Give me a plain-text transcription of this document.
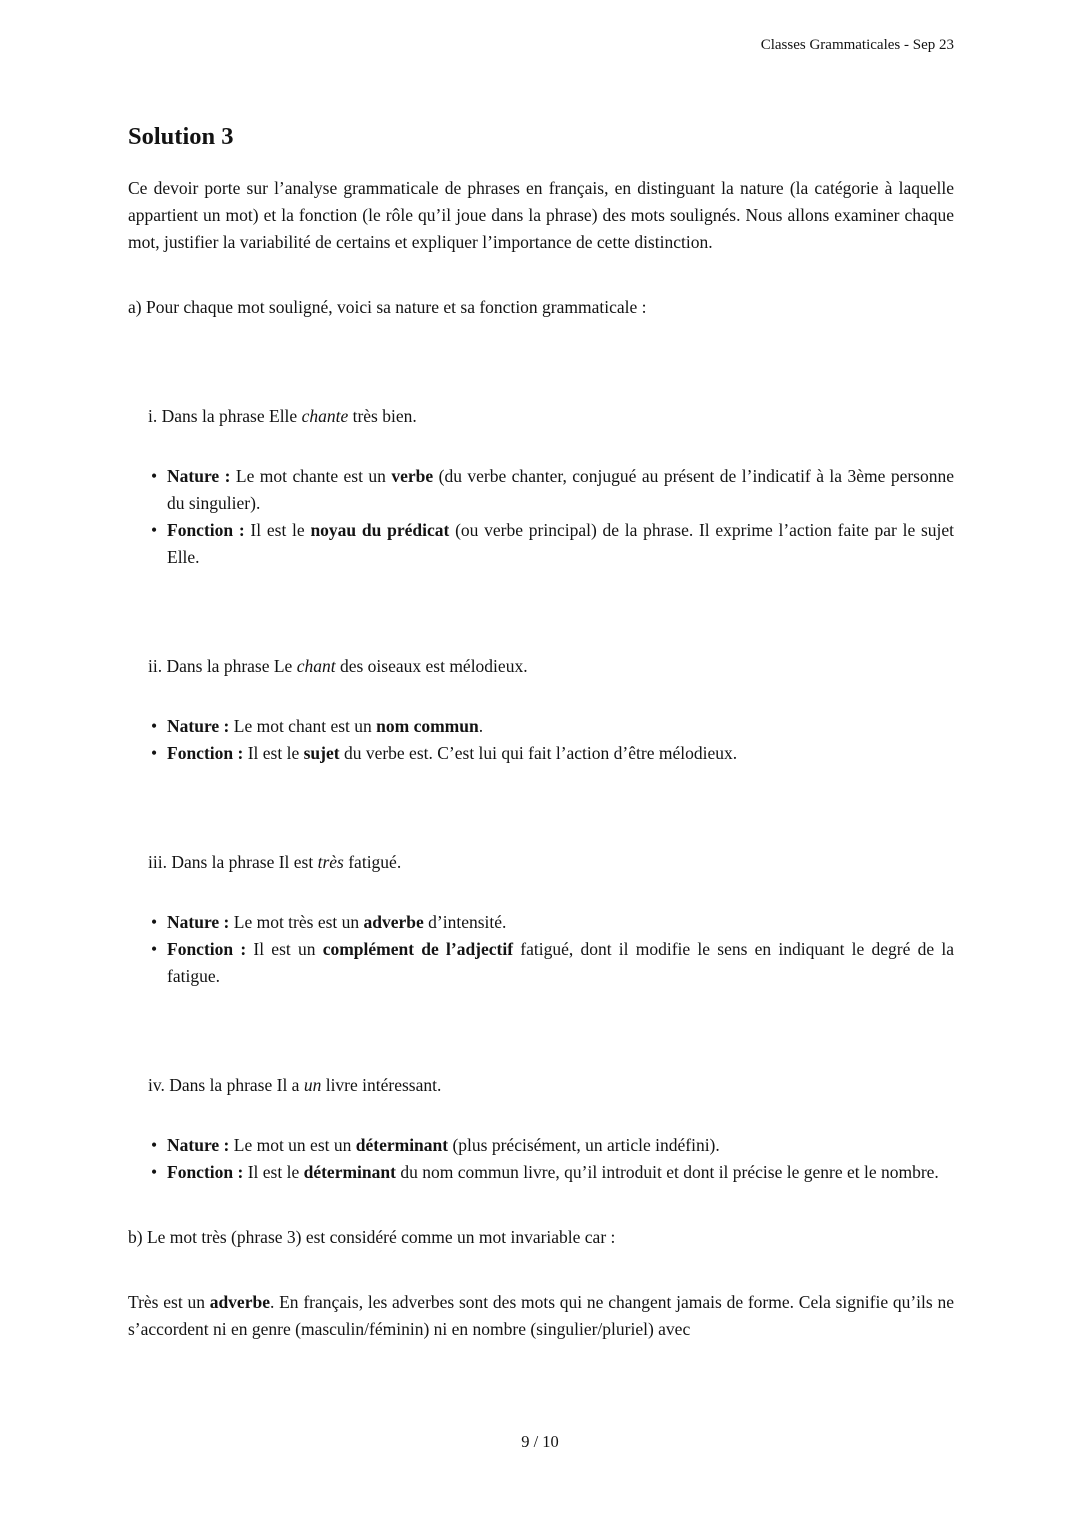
Classes Grammaticales - Sep 23
Solution 3

Ce devoir porte sur l’analyse grammaticale de phrases en français, en distinguant la nature (la catégorie à laquelle appartient un mot) et la fonction (le rôle qu’il joue dans la phrase) des mots soulignés. Nous allons examiner chaque mot, justifier la variabilité de certains et expliquer l’importance de cette distinction.

a) Pour chaque mot souligné, voici sa nature et sa fonction grammaticale :

i. Dans la phrase Elle chante très bien.

• Nature : Le mot chante est un verbe (du verbe chanter, conjugué au présent de l’indicatif à la 3ème personne du singulier).
• Fonction : Il est le noyau du prédicat (ou verbe principal) de la phrase. Il exprime l’action faite par le sujet Elle.

ii. Dans la phrase Le chant des oiseaux est mélodieux.

• Nature : Le mot chant est un nom commun.
• Fonction : Il est le sujet du verbe est. C’est lui qui fait l’action d’être mélodieux.

iii. Dans la phrase Il est très fatigué.

• Nature : Le mot très est un adverbe d’intensité.
• Fonction : Il est un complément de l’adjectif fatigué, dont il modifie le sens en indiquant le degré de la fatigue.

iv. Dans la phrase Il a un livre intéressant.

• Nature : Le mot un est un déterminant (plus précisément, un article indéfini).
• Fonction : Il est le déterminant du nom commun livre, qu’il introduit et dont il précise le genre et le nombre.

b) Le mot très (phrase 3) est considéré comme un mot invariable car :

Très est un adverbe. En français, les adverbes sont des mots qui ne changent jamais de forme. Cela signifie qu’ils ne s’accordent ni en genre (masculin/féminin) ni en nombre (singulier/pluriel) avec

9 / 10
